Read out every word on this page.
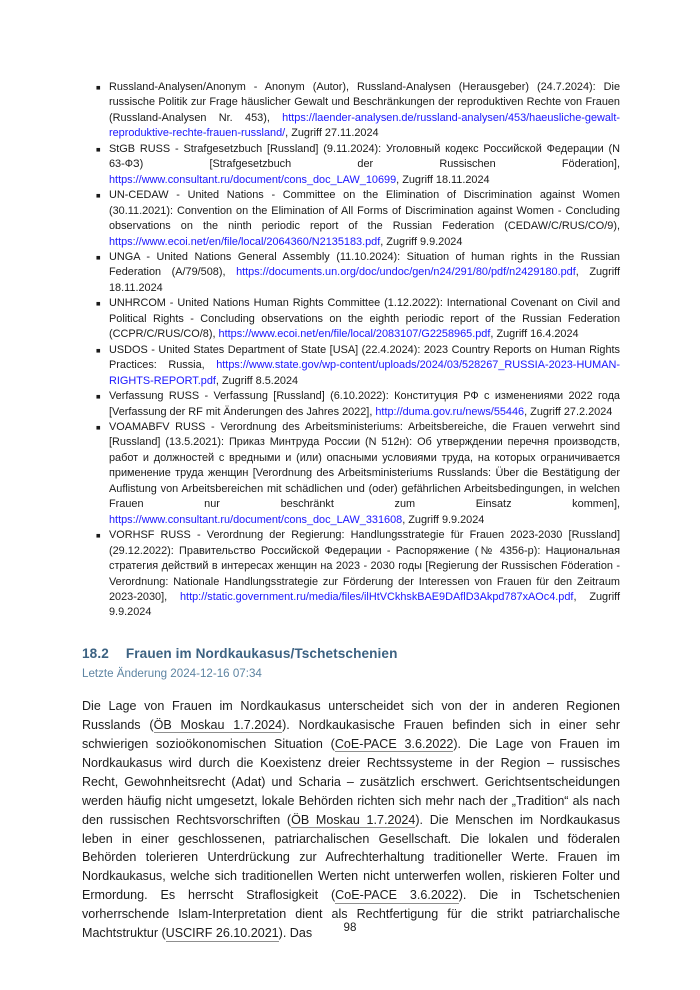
■ Russland-Analysen/Anonym - Anonym (Autor), Russland-Analysen (Herausgeber) (24.7.2024): Die russische Politik zur Frage häuslicher Gewalt und Beschränkungen der reproduktiven Rechte von Frauen (Russland-Analysen Nr. 453), https://laender-analysen.de/russland-analysen/453/haeusliche-gewalt-reproduktive-rechte-frauen-russland/, Zugriff 27.11.2024
■ StGB RUSS - Strafgesetzbuch [Russland] (9.11.2024): Уголовный кодекс Российской Федерации (N 63-ФЗ) [Strafgesetzbuch der Russischen Föderation], https://www.consultant.ru/document/cons_doc_LAW_10699, Zugriff 18.11.2024
■ UN-CEDAW - United Nations - Committee on the Elimination of Discrimination against Women (30.11.2021): Convention on the Elimination of All Forms of Discrimination against Women - Concluding observations on the ninth periodic report of the Russian Federation (CEDAW/C/RUS/CO/9), https://www.ecoi.net/en/file/local/2064360/N2135183.pdf, Zugriff 9.9.2024
■ UNGA - United Nations General Assembly (11.10.2024): Situation of human rights in the Russian Federation (A/79/508), https://documents.un.org/doc/undoc/gen/n24/291/80/pdf/n2429180.pdf, Zugriff 18.11.2024
■ UNHRCOM - United Nations Human Rights Committee (1.12.2022): International Covenant on Civil and Political Rights - Concluding observations on the eighth periodic report of the Russian Federation (CCPR/C/RUS/CO/8), https://www.ecoi.net/en/file/local/2083107/G2258965.pdf, Zugriff 16.4.2024
■ USDOS - United States Department of State [USA] (22.4.2024): 2023 Country Reports on Human Rights Practices: Russia, https://www.state.gov/wp-content/uploads/2024/03/528267_RUSSIA-2023-HUMAN-RIGHTS-REPORT.pdf, Zugriff 8.5.2024
■ Verfassung RUSS - Verfassung [Russland] (6.10.2022): Конституция РФ с изменениями 2022 года [Verfassung der RF mit Änderungen des Jahres 2022], http://duma.gov.ru/news/55446, Zugriff 27.2.2024
■ VOAMABFV RUSS - Verordnung des Arbeitsministeriums: Arbeitsbereiche, die Frauen verwehrt sind [Russland] (13.5.2021): Приказ Минтруда России (N 512н): Об утверждении перечня производств, работ и должностей с вредными и (или) опасными условиями труда, на которых ограничивается применение труда женщин [Verordnung des Arbeitsministeriums Russlands: Über die Bestätigung der Auflistung von Arbeitsbereichen mit schädlichen und (oder) gefährlichen Arbeitsbedingungen, in welchen Frauen nur beschränkt zum Einsatz kommen], https://www.consultant.ru/document/cons_doc_LAW_331608, Zugriff 9.9.2024
■ VORHSF RUSS - Verordnung der Regierung: Handlungsstrategie für Frauen 2023-2030 [Russland] (29.12.2022): Правительство Российской Федерации - Распоряжение (№ 4356-р): Национальная стратегия действий в интересах женщин на 2023 - 2030 годы [Regierung der Russischen Föderation - Verordnung: Nationale Handlungsstrategie zur Förderung der Interessen von Frauen für den Zeitraum 2023-2030], http://static.government.ru/media/files/ilHtVCkhskBAE9DAflD3Akpd787xAOc4.pdf, Zugriff 9.9.2024
18.2 Frauen im Nordkaukasus/Tschetschenien

Letzte Änderung 2024-12-16 07:34

Die Lage von Frauen im Nordkaukasus unterscheidet sich von der in anderen Regionen Russlands (ÖB Moskau 1.7.2024). Nordkaukasische Frauen befinden sich in einer sehr schwierigen sozioökonomischen Situation (CoE-PACE 3.6.2022). Die Lage von Frauen im Nordkaukasus wird durch die Koexistenz dreier Rechtssysteme in der Region – russisches Recht, Gewohnheitsrecht (Adat) und Scharia – zusätzlich erschwert. Gerichtsentscheidungen werden häufig nicht umgesetzt, lokale Behörden richten sich mehr nach der „Tradition“ als nach den russischen Rechtsvorschriften (ÖB Moskau 1.7.2024). Die Menschen im Nordkaukasus leben in einer geschlossenen, patriarchalischen Gesellschaft. Die lokalen und föderalen Behörden tolerieren Unterdrückung zur Aufrechterhaltung traditioneller Werte. Frauen im Nordkaukasus, welche sich traditionellen Werten nicht unterwerfen wollen, riskieren Folter und Ermordung. Es herrscht Straflosigkeit (CoE-PACE 3.6.2022). Die in Tschetschenien vorherrschende Islam-Interpretation dient als Rechtfertigung für die strikt patriarchalische Machtstruktur (USCIRF 26.10.2021). Das	98
